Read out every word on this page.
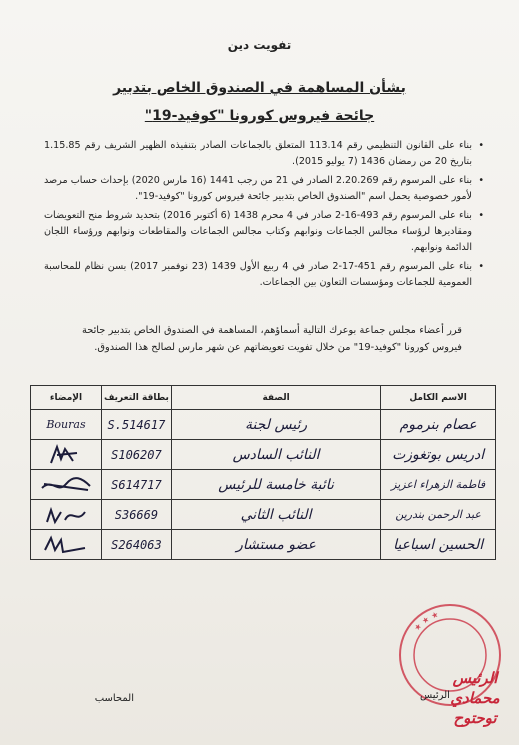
تفويت دين
بشأن المساهمة في الصندوق الخاص بتدبير
جائحة فيروس كورونا "كوفيد-19"
• بناء على القانون التنظيمي رقم 113.14 المتعلق بالجماعات الصادر بتنفيذه الظهير الشريف رقم 1.15.85 بتاريخ 20 من رمضان 1436 (7 يوليو 2015).
• بناء على المرسوم رقم 2.20.269 الصادر في 21 من رجب 1441 (16 مارس 2020) بإحداث حساب مرصد لأمور خصوصية يحمل اسم "الصندوق الخاص بتدبير جائحة فيروس كورونا "كوفيد-19".
• بناء على المرسوم رقم 493-16-2 صادر في 4 محرم 1438 (6 أكتوبر 2016) بتحديد شروط منح التعويضات ومقاديرها لرؤساء مجالس الجماعات ونوابهم وكتاب مجالس الجماعات والمقاطعات ونوابهم ورؤساء اللجان الدائمة ونوابهم.
• بناء على المرسوم رقم 451-17-2 صادر في 4 ربيع الأول 1439 (23 نوفمبر 2017) بسن نظام للمحاسبة العمومية للجماعات ومؤسسات التعاون بين الجماعات.

قرر أعضاء مجلس جماعة بوعرك التالية أسماؤهم، المساهمة في الصندوق الخاص بتدبير جائحة فيروس كورونا "كوفيد-19" من خلال تفويت تعويضاتهم عن شهر مارس لصالح هذا الصندوق.

الاسم الكامل	الصفة	بطاقة التعريف	الإمضاء
عصام بنرموم	رئيس لجنة	S.514617	Bouras
ادريس بوتغوزت	النائب السادس	S106207	

فاطمة الزهراء اعزيز	نائبة خامسة للرئيس	S614717	

عبد الرحمن بندرين	النائب الثاني	S36669	

الحسين اسباعيا	عضو مستشار	S264063	
المحاسب
★ ★ ★
الرئيس
الرئيس محمادي توحتوح
